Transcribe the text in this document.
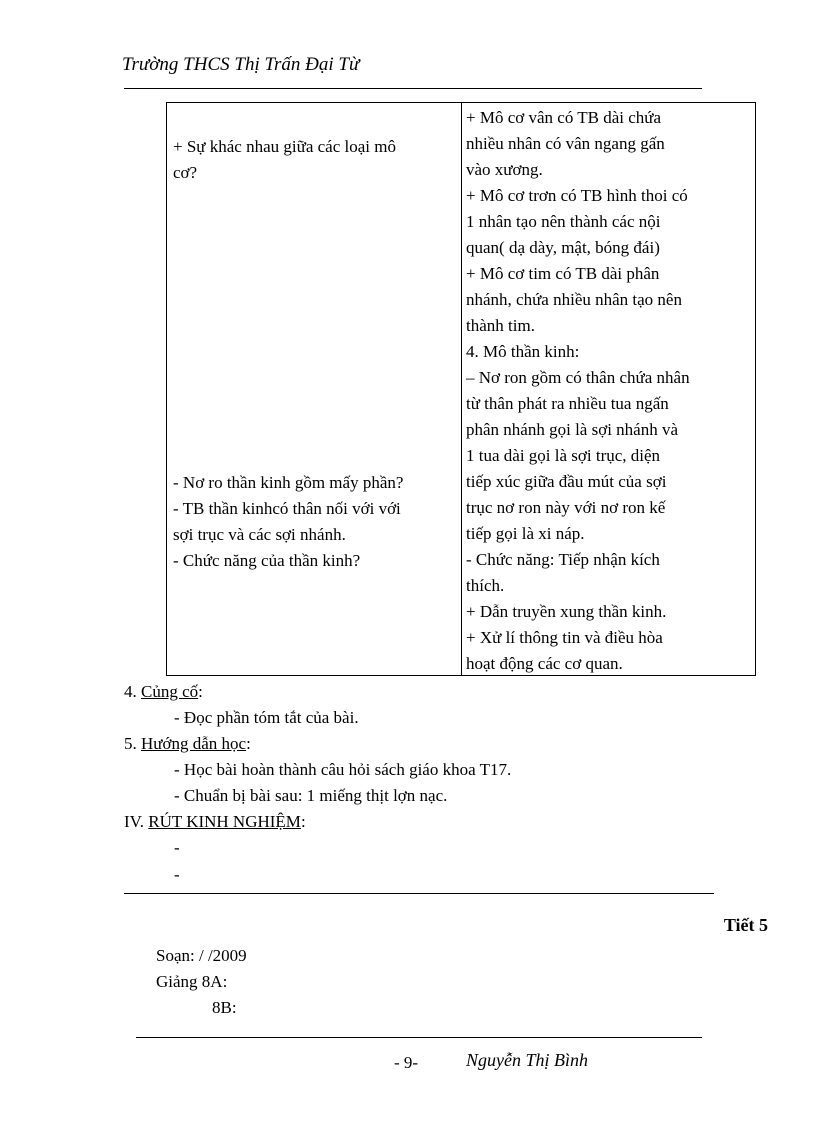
Trường THCS Thị Trấn Đại Từ
+ Sự khác nhau giữa các loại mô
cơ?
- Nơ ro thần kinh gồm mấy phần?
- TB thần kinhcó thân nối với với
sợi trục và các sợi nhánh.
- Chức năng của thần kinh?

+ Mô cơ vân có TB dài chứa
nhiều nhân có vân ngang gấn
vào xương.
+ Mô cơ trơn có TB hình thoi có
1 nhân tạo nên thành các nội
quan( dạ dày, mật, bóng đái)
+ Mô cơ tim có TB dài phân
nhánh, chứa nhiều nhân tạo nên
thành tim.
4. Mô thần kinh:
– Nơ ron gồm có thân chứa nhân
từ thân phát ra nhiều tua ngấn
phân nhánh gọi là sợi nhánh và
1 tua dài gọi là sợi trục, diện
tiếp xúc giữa đầu mút của sợi
trục nơ ron này với nơ ron kế
tiếp gọi là xi náp.
- Chức năng: Tiếp nhận kích
thích.
+ Dẫn truyền xung thần kinh.
+ Xử lí thông tin và điều hòa
hoạt động các cơ quan.
4. Củng cố:
- Đọc phần tóm tắt của bài.
5. Hướng dẫn học:
- Học bài hoàn thành câu hỏi sách giáo khoa T17.
- Chuẩn bị bài sau: 1 miếng thịt lợn nạc.
IV. RÚT KINH NGHIỆM:
-
-
Tiết 5
Soạn: / /2009
Giảng 8A:
8B:
- 9-	Nguyễn Thị Bình
